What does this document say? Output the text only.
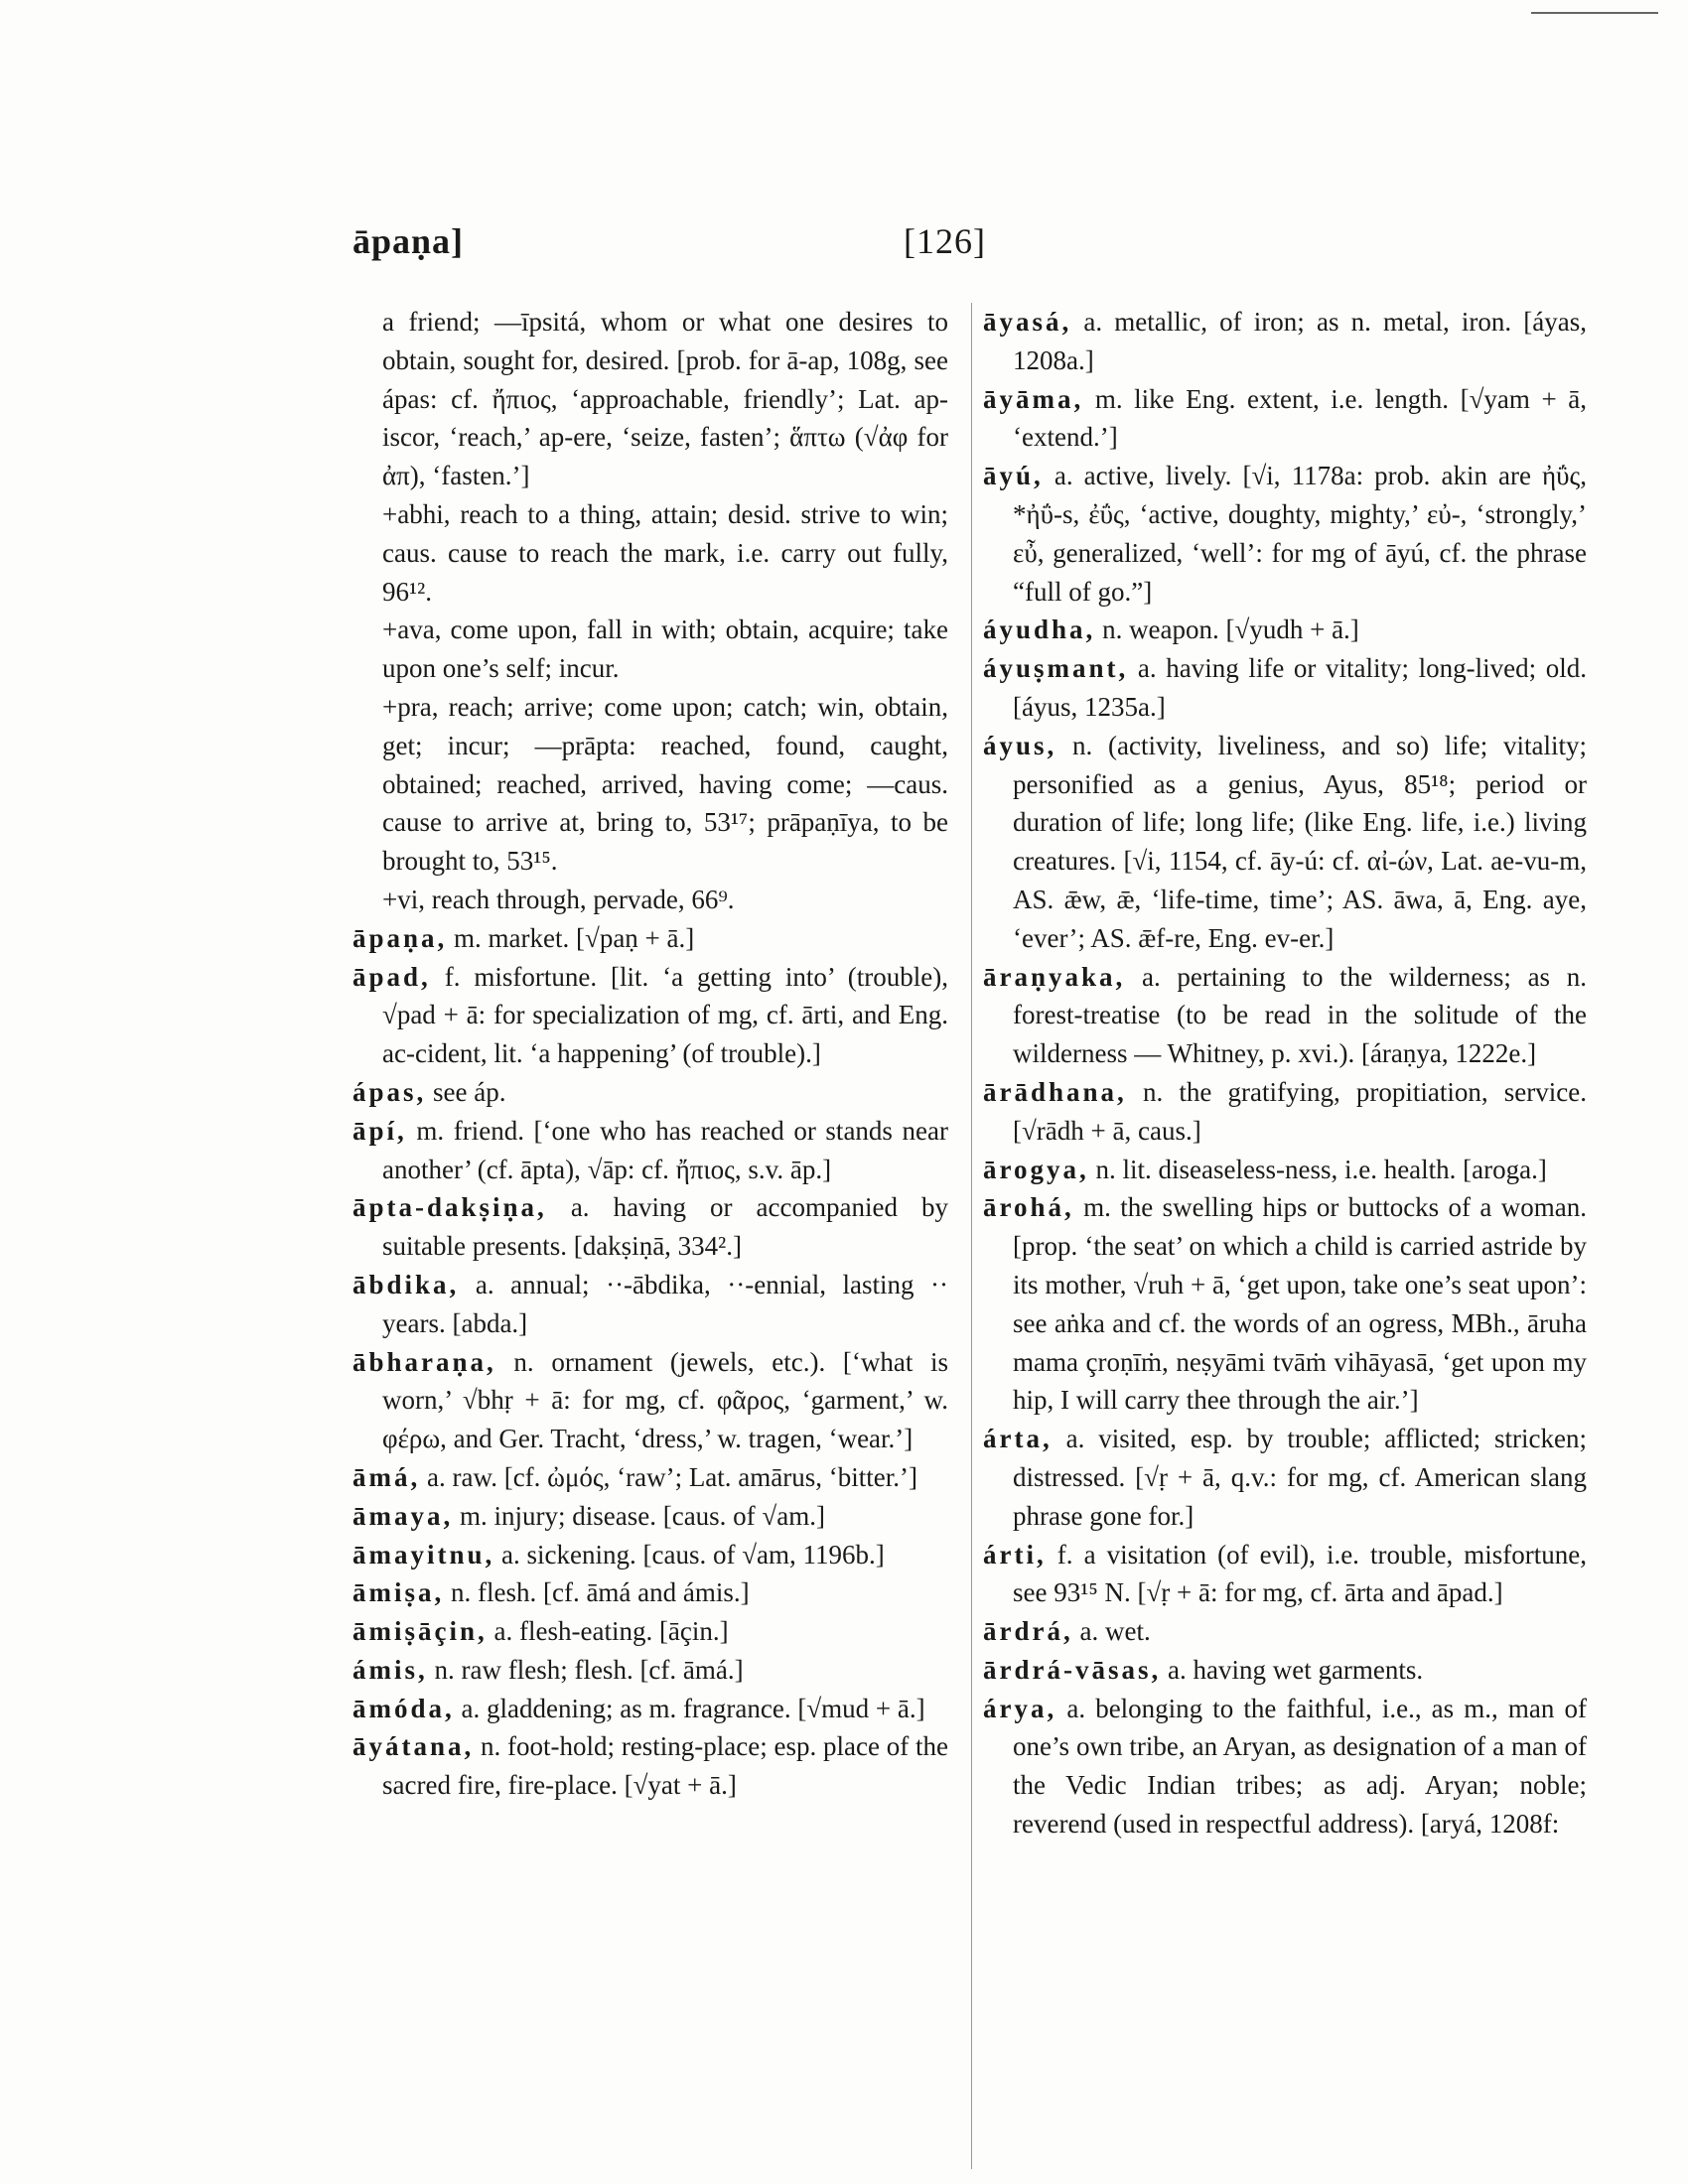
āpaṇa]	[126]
a friend; —īpsitá, whom or what one desires to obtain, sought for, desired. [prob. for ā-ap, 108g, see ápas: cf. ἤπιος, ‘approachable, friendly’; Lat. ap-iscor, ‘reach,’ ap-ere, ‘seize, fasten’; ἅπτω (√ἀφ for ἀπ), ‘fasten.’]
+abhi, reach to a thing, attain; desid. strive to win; caus. cause to reach the mark, i.e. carry out fully, 96¹².
+ava, come upon, fall in with; obtain, acquire; take upon one’s self; incur.
+pra, reach; arrive; come upon; catch; win, obtain, get; incur; —prāpta: reached, found, caught, obtained; reached, arrived, having come; —caus. cause to arrive at, bring to, 53¹⁷; prāpaṇīya, to be brought to, 53¹⁵.
+vi, reach through, pervade, 66⁹.
āpaṇa, m. market. [√paṇ + ā.]
āpad, f. misfortune. [lit. ‘a getting into’ (trouble), √pad + ā: for specialization of mg, cf. ārti, and Eng. ac-cident, lit. ‘a happening’ (of trouble).]
ápas, see áp.
āpí, m. friend. [‘one who has reached or stands near another’ (cf. āpta), √āp: cf. ἤπιος, s.v. āp.]
āpta-dakṣiṇa, a. having or accompanied by suitable presents. [dakṣiṇā, 334².]
ābdika, a. annual; ··-ābdika, ··-ennial, lasting ·· years. [abda.]
ābharaṇa, n. ornament (jewels, etc.). [‘what is worn,’ √bhṛ + ā: for mg, cf. φᾶρος, ‘garment,’ w. φέρω, and Ger. Tracht, ‘dress,’ w. tragen, ‘wear.’]
āmá, a. raw. [cf. ὠμός, ‘raw’; Lat. amārus, ‘bitter.’]
āmaya, m. injury; disease. [caus. of √am.]
āmayitnu, a. sickening. [caus. of √am, 1196b.]
āmiṣa, n. flesh. [cf. āmá and ámis.]
āmiṣāçin, a. flesh-eating. [āçin.]
ámis, n. raw flesh; flesh. [cf. āmá.]
āmóda, a. gladdening; as m. fragrance. [√mud + ā.]
āyátana, n. foot-hold; resting-place; esp. place of the sacred fire, fire-place. [√yat + ā.]
āyasá, a. metallic, of iron; as n. metal, iron. [áyas, 1208a.]
āyāma, m. like Eng. extent, i.e. length. [√yam + ā, ‘extend.’]
āyú, a. active, lively. [√i, 1178a: prob. akin are ἠΰς, *ἠΰ-s, ἐΰς, ‘active, doughty, mighty,’ εὐ-, ‘strongly,’ εὖ, generalized, ‘well’: for mg of āyú, cf. the phrase “full of go.”]
áyudha, n. weapon. [√yudh + ā.]
áyuṣmant, a. having life or vitality; long-lived; old. [áyus, 1235a.]
áyus, n. (activity, liveliness, and so) life; vitality; personified as a genius, Ayus, 85¹⁸; period or duration of life; long life; (like Eng. life, i.e.) living creatures. [√i, 1154, cf. āy-ú: cf. αἰ-ών, Lat. ae-vu-m, AS. ǣw, ǣ, ‘life-time, time’; AS. āwa, ā, Eng. aye, ‘ever’; AS. ǣf-re, Eng. ev-er.]
āraṇyaka, a. pertaining to the wilderness; as n. forest-treatise (to be read in the solitude of the wilderness — Whitney, p. xvi.). [áraṇya, 1222e.]
ārādhana, n. the gratifying, propitiation, service. [√rādh + ā, caus.]
ārogya, n. lit. diseaseless-ness, i.e. health. [aroga.]
ārohá, m. the swelling hips or buttocks of a woman. [prop. ‘the seat’ on which a child is carried astride by its mother, √ruh + ā, ‘get upon, take one’s seat upon’: see aṅka and cf. the words of an ogress, MBh., āruha mama çroṇīṁ, neṣyāmi tvāṁ vihāyasā, ‘get upon my hip, I will carry thee through the air.’]
árta, a. visited, esp. by trouble; afflicted; stricken; distressed. [√ṛ + ā, q.v.: for mg, cf. American slang phrase gone for.]
árti, f. a visitation (of evil), i.e. trouble, misfortune, see 93¹⁵ N. [√ṛ + ā: for mg, cf. ārta and āpad.]
ārdrá, a. wet.
ārdrá-vāsas, a. having wet garments.
árya, a. belonging to the faithful, i.e., as m., man of one’s own tribe, an Aryan, as designation of a man of the Vedic Indian tribes; as adj. Aryan; noble; reverend (used in respectful address). [aryá, 1208f:
